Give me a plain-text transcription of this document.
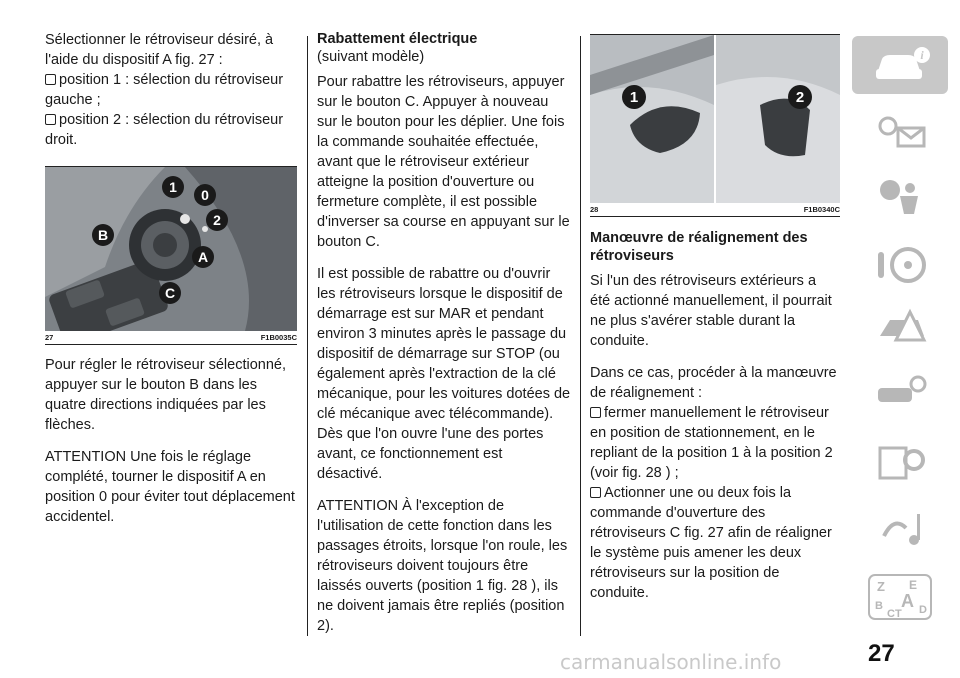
Sélectionner le rétroviseur désiré, à l'aide du dispositif A fig. 27 :

position 1 : sélection du rétroviseur gauche ;

position 2 : sélection du rétroviseur droit.

1 0
2
B
A
C
27	F1B0035C

Pour régler le rétroviseur sélectionné, appuyer sur le bouton B dans les quatre directions indiquées par les flèches.

ATTENTION Une fois le réglage complété, tourner le dispositif A en position 0 pour éviter tout déplacement accidentel.

Rabattement électrique
(suivant modèle)

Pour rabattre les rétroviseurs, appuyer sur le bouton C. Appuyer à nouveau sur le bouton pour les déplier. Une fois la commande souhaitée effectuée, avant que le rétroviseur extérieur atteigne la position d'ouverture ou fermeture complète, il est possible d'inverser sa course en appuyant sur le bouton C.

Il est possible de rabattre ou d'ouvrir les rétroviseurs lorsque le dispositif de démarrage est sur MAR et pendant environ 3 minutes après le passage du dispositif de démarrage sur STOP (ou également après l'extraction de la clé mécanique, pour les voitures dotées de clé mécanique avec télécommande). Dès que l'on ouvre l'une des portes avant, ce fonctionnement est désactivé.

ATTENTION À l'exception de l'utilisation de cette fonction dans les passages étroits, lorsque l'on roule, les rétroviseurs doivent toujours être laissés ouverts (position 1 fig. 28 ), ils ne doivent jamais être repliés (position 2).

1	2
28	F1B0340C
Manœuvre de réalignement des rétroviseurs

Si l'un des rétroviseurs extérieurs a été actionné manuellement, il pourrait ne plus s'avérer stable durant la conduite.

Dans ce cas, procéder à la manœuvre de réalignement :

fermer manuellement le rétroviseur en position de stationnement, en le repliant de la position 1 à la position 2 (voir fig. 28 ) ;

Actionner une ou deux fois la commande d'ouverture des rétroviseurs C fig. 27 afin de réaligner le système puis amener les deux rétroviseurs sur la position de conduite.

i
Z E
B A
C T D
27
carmanualsonline.info
